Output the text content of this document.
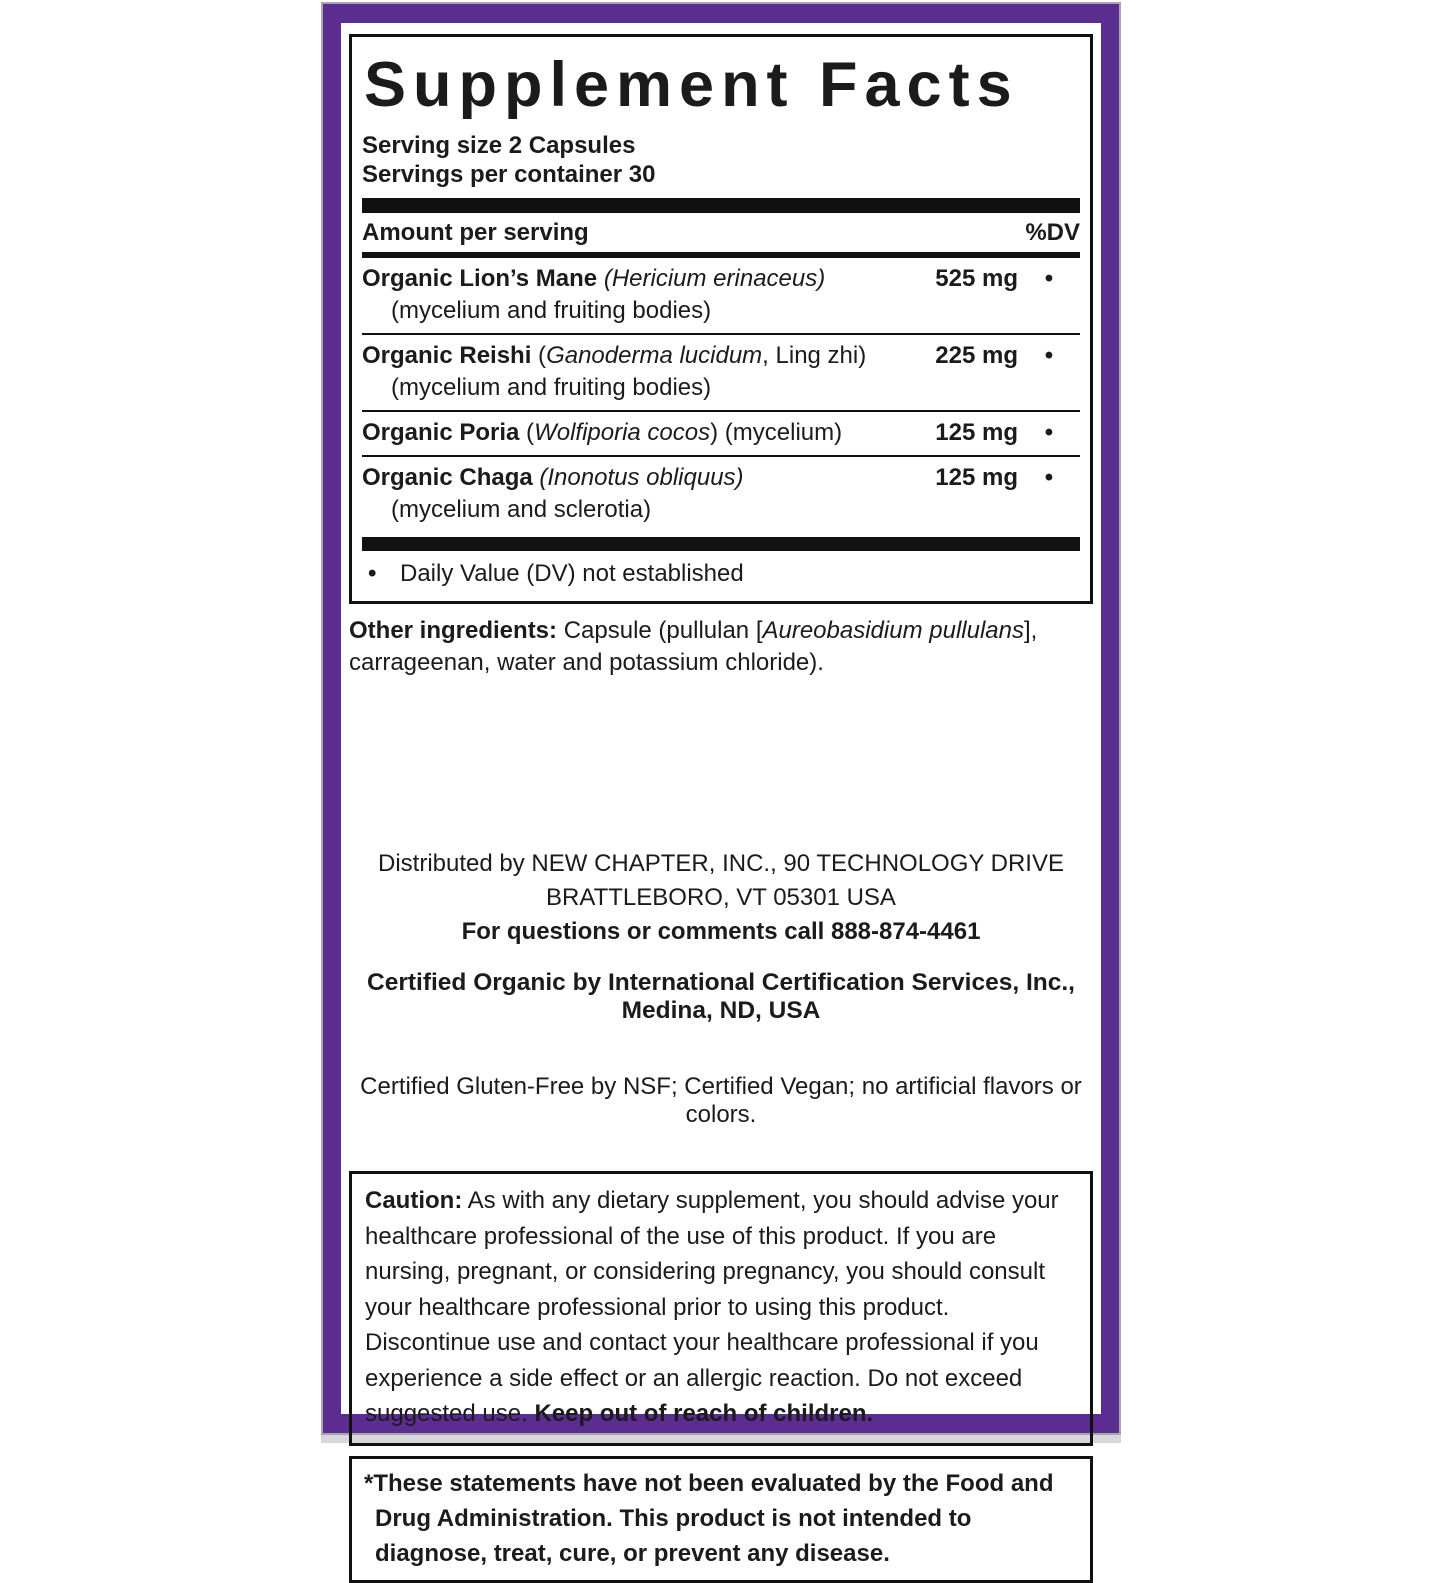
Supplement Facts
Serving size 2 Capsules
Servings per container 30
Amount per serving	%DV
Organic Lion’s Mane (Hericium erinaceus)	525 mg	•
(mycelium and fruiting bodies)
Organic Reishi (Ganoderma lucidum, Ling zhi)	225 mg	•
(mycelium and fruiting bodies)
Organic Poria (Wolfiporia cocos) (mycelium)	125 mg	•
Organic Chaga (Inonotus obliquus)	125 mg	•
(mycelium and sclerotia)
• Daily Value (DV) not established

Other ingredients: Capsule (pullulan [Aureobasidium pullulans], carrageenan, water and potassium chloride).

Distributed by NEW CHAPTER, INC., 90 TECHNOLOGY DRIVE
BRATTLEBORO, VT 05301 USA
For questions or comments call 888-874-4461
Certified Organic by International Certification Services, Inc., Medina, ND, USA
Certified Gluten-Free by NSF; Certified Vegan; no artificial flavors or colors.
Caution: As with any dietary supplement, you should advise your healthcare professional of the use of this product. If you are nursing, pregnant, or considering pregnancy, you should consult your healthcare professional prior to using this product. Discontinue use and contact your healthcare professional if you experience a side effect or an allergic reaction. Do not exceed suggested use. Keep out of reach of children.
*These statements have not been evaluated by the Food and Drug Administration. This product is not intended to diagnose, treat, cure, or prevent any disease.
